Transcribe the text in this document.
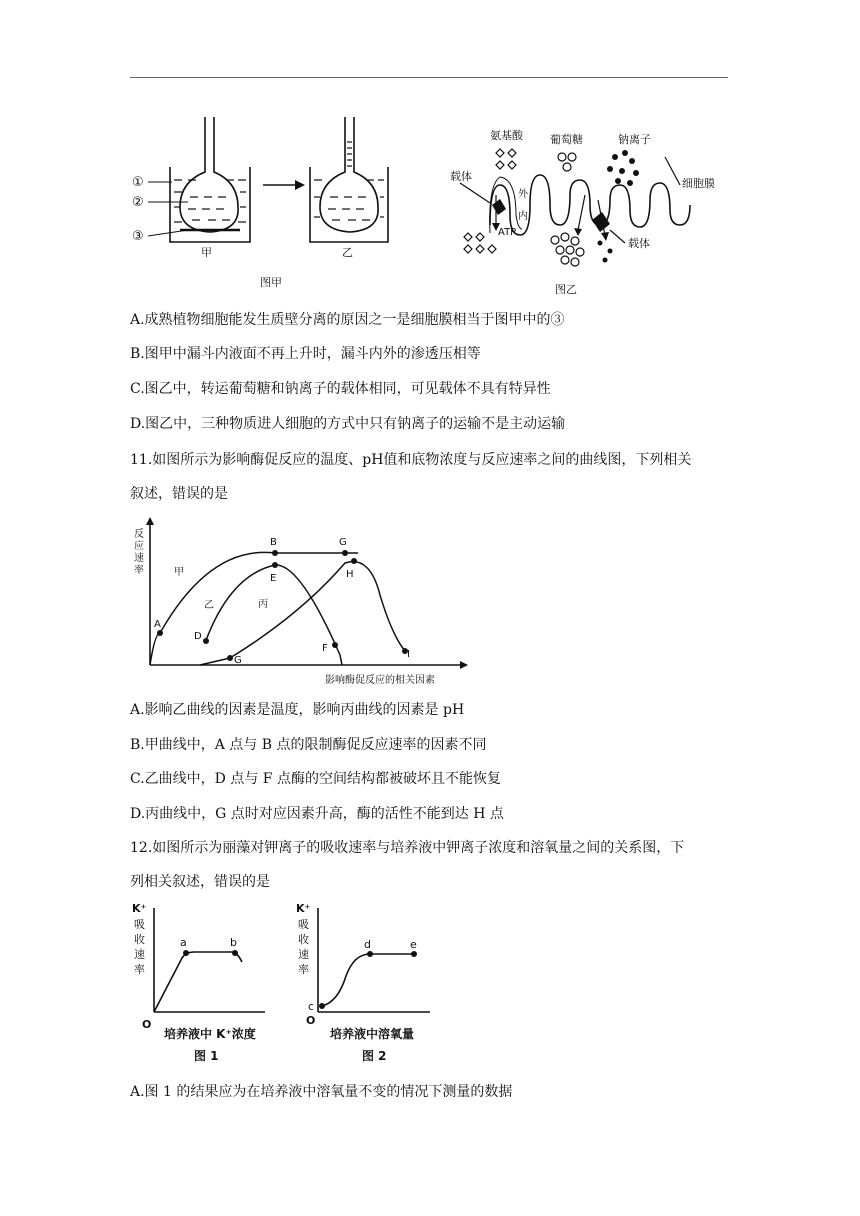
①
②
③
甲	乙
图甲
氨基酸 葡萄糖	钠离子
载体
外
内
ATP
细胞膜
载体
图乙
A.成熟植物细胞能发生质壁分离的原因之一是细胞膜相当于图甲中的③
B.图甲中漏斗内液面不再上升时，漏斗内外的渗透压相等
C.图乙中，转运葡萄糖和钠离子的载体相同，可见载体不具有特异性
D.图乙中，三种物质进人细胞的方式中只有钠离子的运输不是主动运输
11.如图所示为影响酶促反应的温度、pH值和底物浓度与反应速率之间的曲线图，下列相关
叙述，错误的是
反
应
速
率
A
B	G
D
E	H
F
I
G
甲
乙	丙
影响酶促反应的相关因素
A.影响乙曲线的因素是温度，影响丙曲线的因素是 pH
B.甲曲线中，A 点与 B 点的限制酶促反应速率的因素不同
C.乙曲线中，D 点与 F 点酶的空间结构都被破坏且不能恢复
D.丙曲线中，G 点时对应因素升高，酶的活性不能到达 H 点
12.如图所示为丽藻对钾离子的吸收速率与培养液中钾离子浓度和溶氧量之间的关系图，下
列相关叙述，错误的是
K⁺
吸
收
速
率
K⁺
吸
收
速
率
O	O
a	b
c
d	e
培养液中 K⁺浓度	培养液中溶氧量
图 1	图 2
A.图 1 的结果应为在培养液中溶氧量不变的情况下测量的数据
